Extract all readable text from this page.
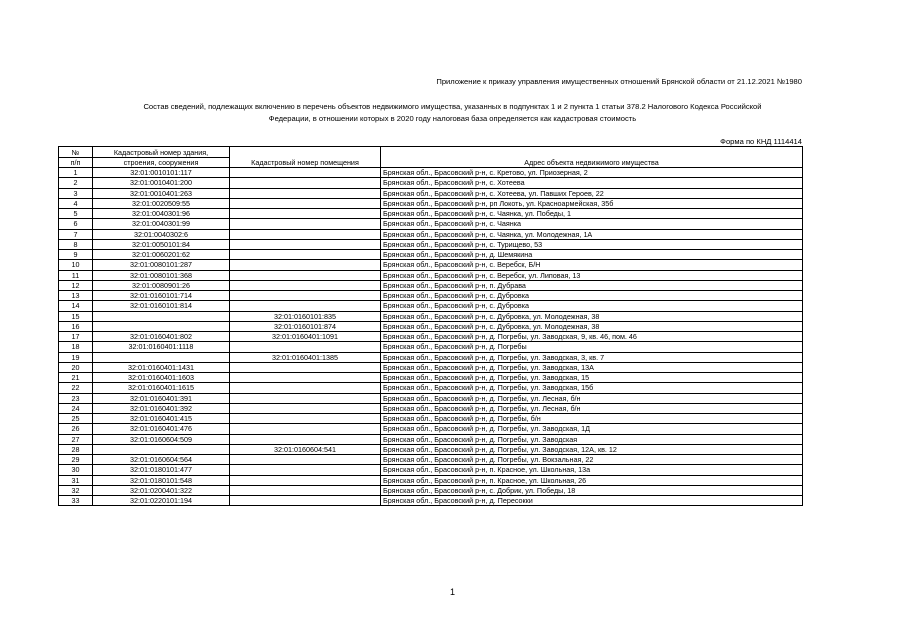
Приложение к приказу управления имущественных отношений Брянской области от 21.12.2021 №1980
Состав сведений, подлежащих включению в перечень объектов недвижимого имущества, указанных в подпунктах 1 и 2 пункта 1 статьи 378.2 Налогового Кодекса Российской
Федерации, в отношении которых в 2020 году налоговая база определяется как кадастровая стоимость
Форма по КНД 1114414
№	Кадастровый номер здания,	Кадастровый номер помещения	Адрес объекта недвижимого имущества
п/п	строения, сооружения		
1	32:01:0010101:117		Брянская обл., Брасовский р-н, с. Кретово, ул. Приозерная, 2
2	32:01:0010401:200		Брянская обл., Брасовский р-н, с. Хотеева
3	32:01:0010401:263		Брянская обл., Брасовский р-н, с. Хотеева, ул. Павших Героев, 22
4	32:01:0020509:55		Брянская обл., Брасовский р-н, рп Локоть, ул. Красноармейская, 35б
5	32:01:0040301:96		Брянская обл., Брасовский р-н, с. Чаянка, ул. Победы, 1
6	32:01:0040301:99		Брянская обл., Брасовский р-н, с. Чаянка
7	32:01:0040302:6		Брянская обл., Брасовский р-н, с. Чаянка, ул. Молодежная, 1А
8	32:01:0050101:84		Брянская обл., Брасовский р-н, с. Турищево, 53
9	32:01:0060201:62		Брянская обл., Брасовский р-н, д. Шемякина
10	32:01:0080101:287		Брянская обл., Брасовский р-н, с. Веребск, Б/Н
11	32:01:0080101:368		Брянская обл., Брасовский р-н, с. Веребск, ул. Липовая, 13
12	32:01:0080901:26		Брянская обл., Брасовский р-н, п. Дубрава
13	32:01:0160101:714		Брянская обл., Брасовский р-н, с. Дубровка
14	32:01:0160101:814		Брянская обл., Брасовский р-н, с. Дубровка
15		32:01:0160101:835	Брянская обл., Брасовский р-н, с. Дубровка, ул. Молодежная, 38
16		32:01:0160101:874	Брянская обл., Брасовский р-н, с. Дубровка, ул. Молодежная, 38
17	32:01:0160401:802	32:01:0160401:1091	Брянская обл., Брасовский р-н, д. Погребы, ул. Заводская, 9, кв. 46, пом. 46
18	32:01:0160401:1118		Брянская обл., Брасовский р-н, д. Погребы
19		32:01:0160401:1385	Брянская обл., Брасовский р-н, д. Погребы, ул. Заводская, 3, кв. 7
20	32:01:0160401:1431		Брянская обл., Брасовский р-н, д. Погребы, ул. Заводская, 13А
21	32:01:0160401:1603		Брянская обл., Брасовский р-н, д. Погребы, ул. Заводская, 15
22	32:01:0160401:1615		Брянская обл., Брасовский р-н, д. Погребы, ул. Заводская, 15б
23	32:01:0160401:391		Брянская обл., Брасовский р-н, д. Погребы, ул. Лесная, б/н
24	32:01:0160401:392		Брянская обл., Брасовский р-н, д. Погребы, ул. Лесная, б/н
25	32:01:0160401:415		Брянская обл., Брасовский р-н, д. Погребы, б/н
26	32:01:0160401:476		Брянская обл., Брасовский р-н, д. Погребы, ул. Заводская, 1Д
27	32:01:0160604:509		Брянская обл., Брасовский р-н, д. Погребы, ул. Заводская
28		32:01:0160604:541	Брянская обл., Брасовский р-н, д. Погребы, ул. Заводская, 12А, кв. 12
29	32:01:0160604:564		Брянская обл., Брасовский р-н, д. Погребы, ул. Вокзальная, 22
30	32:01:0180101:477		Брянская обл., Брасовский р-н, п. Красное, ул. Школьная, 13а
31	32:01:0180101:548		Брянская обл., Брасовский р-н, п. Красное, ул. Школьная, 26
32	32:01:0200401:322		Брянская обл., Брасовский р-н, с. Добрик, ул. Победы, 18
33	32:01:0220101:194		Брянская обл., Брасовский р-н, д. Пересокки
1
